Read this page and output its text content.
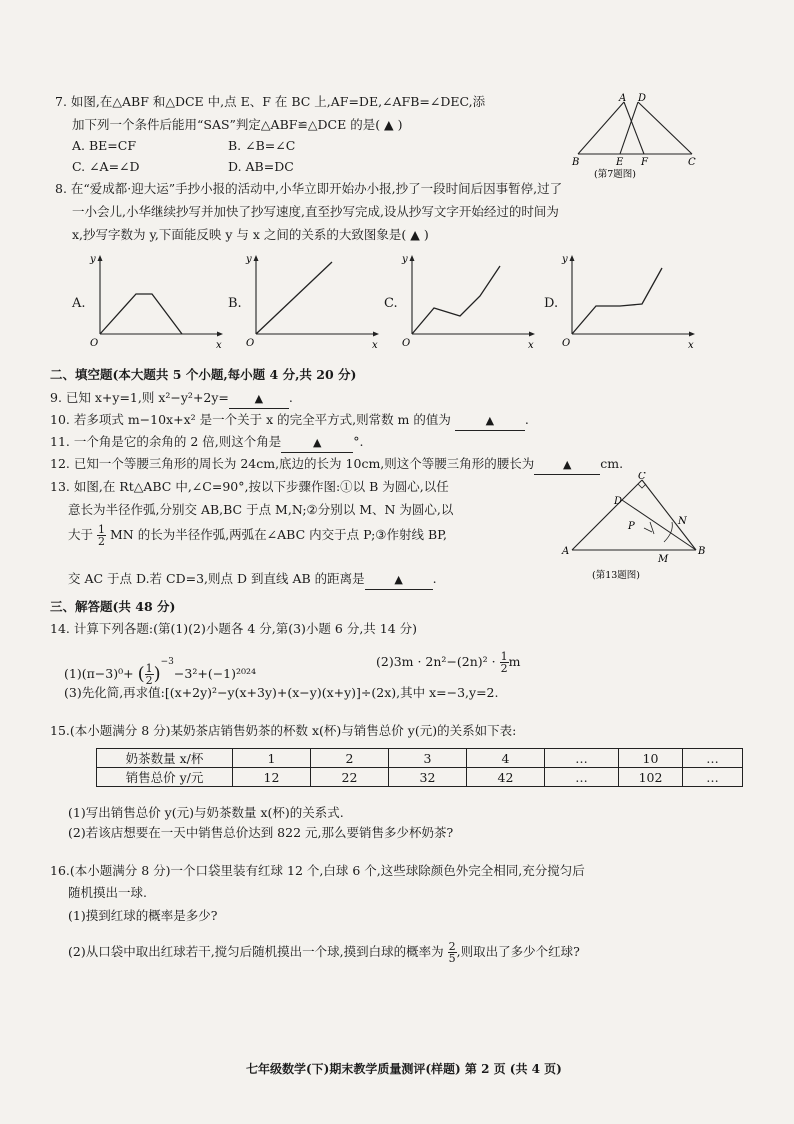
7. 如图,在△ABF 和△DCE 中,点 E、F 在 BC 上,AF=DE,∠AFB=∠DEC,添
加下列一个条件后能用“SAS”判定△ABF≌△DCE 的是( ▲ )
A. BE=CF	B. ∠B=∠C
C. ∠A=∠D	D. AB=DC
A D
B	E F	C
(第7题图)
8. 在“爱成都·迎大运”手抄小报的活动中,小华立即开始办小报,抄了一段时间后因事暂停,过了
一小会儿,小华继续抄写并加快了抄写速度,直至抄写完成,设从抄写文字开始经过的时间为
x,抄写字数为 y,下面能反映 y 与 x 之间的关系的大致图象是( ▲ )
A.
y
x
O
B.
y
x
O
C.
y
x
O
D.
y
x
O
二、填空题(本大题共 5 个小题,每小题 4 分,共 20 分)
9. 已知 x+y=1,则 x²−y²+2y= ▲ .
10. 若多项式 m−10x+x² 是一个关于 x 的完全平方式,则常数 m 的值为	▲ .
11. 一个角是它的余角的 2 倍,则这个角是	▲	°.
12. 已知一个等腰三角形的周长为 24cm,底边的长为 10cm,则这个等腰三角形的腰长为	▲ cm.
13. 如图,在 Rt△ABC 中,∠C=90°,按以下步骤作图:①以 B 为圆心,以任
意长为半径作弧,分别交 AB,BC 于点 M,N;②分别以 M、N 为圆心,以
大于 $\frac{1}{2}$ MN 的长为半径作弧,两弧在∠ABC 内交于点 P;③作射线 BP,
交 AC 于点 D.若 CD=3,则点 D 到直线 AB 的距离是	▲ .
C
D
P	N
A
M
B
(第13题图)
三、解答题(共 48 分)
14. 计算下列各题:(第(1)(2)小题各 4 分,第(3)小题 6 分,共 14 分)
(1)(π−3)⁰+ ( $\frac{1}{2} )^{-3}-3^2+(-1)^{2024}$
$(2)3m \cdot 2n^2-(2n)^2 \cdot \frac{1}{2}$ m
(3)先化简,再求值:[(x+2y)²−y(x+3y)+(x−y)(x+y)]÷(2x),其中 x=−3,y=2.
15.(本小题满分 8 分)某奶茶店销售奶茶的杯数 x(杯)与销售总价 y(元)的关系如下表:
奶茶数量 x/杯	1	2	3	4	…	10	…
销售总价 y/元	12	22	32	42	…	102	…
(1)写出销售总价 y(元)与奶茶数量 x(杯)的关系式.
(2)若该店想要在一天中销售总价达到 822 元,那么要销售多少杯奶茶?
16.(本小题满分 8 分)一个口袋里装有红球 12 个,白球 6 个,这些球除颜色外完全相同,充分搅匀后
随机摸出一球.
(1)摸到红球的概率是多少?
(2)从口袋中取出红球若干,搅匀后随机摸出一个球,摸到白球的概率为 $\frac{2}{5}$ ,则取出了多少个红球?
七年级数学(下)期末教学质量测评(样题) 第 2 页 (共 4 页)
